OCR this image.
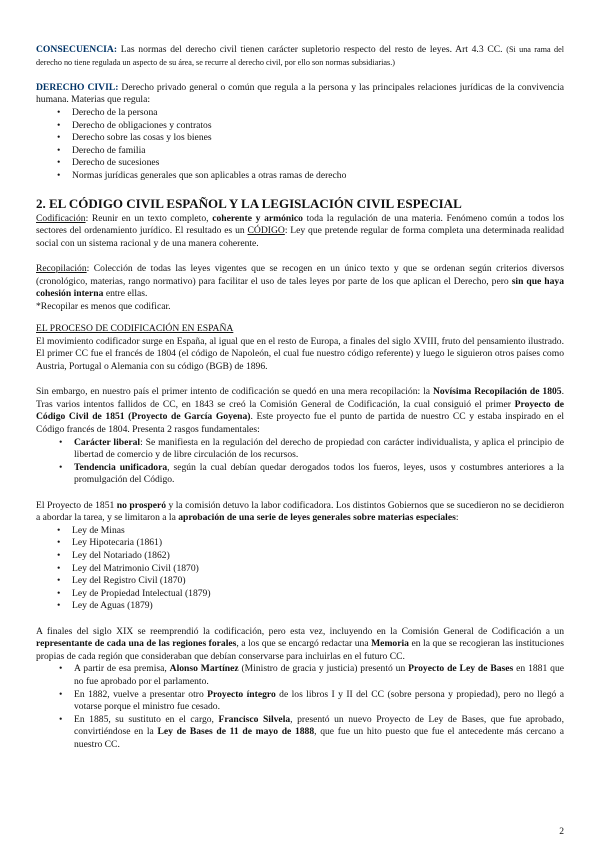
CONSECUENCIA: Las normas del derecho civil tienen carácter supletorio respecto del resto de leyes. Art 4.3 CC. (Si una rama del derecho no tiene regulada un aspecto de su área, se recurre al derecho civil, por ello son normas subsidiarias.)

DERECHO CIVIL: Derecho privado general o común que regula a la persona y las principales relaciones jurídicas de la convivencia humana. Materias que regula:

• Derecho de la persona
• Derecho de obligaciones y contratos
• Derecho sobre las cosas y los bienes
• Derecho de familia
• Derecho de sucesiones
• Normas jurídicas generales que son aplicables a otras ramas de derecho
2. EL CÓDIGO CIVIL ESPAÑOL Y LA LEGISLACIÓN CIVIL ESPECIAL

Codificación: Reunir en un texto completo, coherente y armónico toda la regulación de una materia. Fenómeno común a todos los sectores del ordenamiento jurídico. El resultado es un CÓDIGO: Ley que pretende regular de forma completa una determinada realidad social con un sistema racional y de una manera coherente.

Recopilación: Colección de todas las leyes vigentes que se recogen en un único texto y que se ordenan según criterios diversos (cronológico, materias, rango normativo) para facilitar el uso de tales leyes por parte de los que aplican el Derecho, pero sin que haya cohesión interna entre ellas.

*Recopilar es menos que codificar.

EL PROCESO DE CODIFICACIÓN EN ESPAÑA

El movimiento codificador surge en España, al igual que en el resto de Europa, a finales del siglo XVIII, fruto del pensamiento ilustrado. El primer CC fue el francés de 1804 (el código de Napoleón, el cual fue nuestro código referente) y luego le siguieron otros países como Austria, Portugal o Alemania con su código (BGB) de 1896.

Sin embargo, en nuestro país el primer intento de codificación se quedó en una mera recopilación: la Novísima Recopilación de 1805. Tras varios intentos fallidos de CC, en 1843 se creó la Comisión General de Codificación, la cual consiguió el primer Proyecto de Código Civil de 1851 (Proyecto de García Goyena). Este proyecto fue el punto de partida de nuestro CC y estaba inspirado en el Código francés de 1804. Presenta 2 rasgos fundamentales:

• Carácter liberal: Se manifiesta en la regulación del derecho de propiedad con carácter individualista, y aplica el principio de libertad de comercio y de libre circulación de los recursos.

• Tendencia unificadora, según la cual debían quedar derogados todos los fueros, leyes, usos y costumbres anteriores a la promulgación del Código.

El Proyecto de 1851 no prosperó y la comisión detuvo la labor codificadora. Los distintos Gobiernos que se sucedieron no se decidieron a abordar la tarea, y se limitaron a la aprobación de una serie de leyes generales sobre materias especiales:

• Ley de Minas
• Ley Hipotecaria (1861)
• Ley del Notariado (1862)
• Ley del Matrimonio Civil (1870)
• Ley del Registro Civil (1870)
• Ley de Propiedad Intelectual (1879)
• Ley de Aguas (1879)

A finales del siglo XIX se reemprendió la codificación, pero esta vez, incluyendo en la Comisión General de Codificación a un representante de cada una de las regiones forales, a los que se encargó redactar una Memoria en la que se recogieran las instituciones propias de cada región que consideraban que debían conservarse para incluirlas en el futuro CC.

• A partir de esa premisa, Alonso Martínez (Ministro de gracia y justicia) presentó un Proyecto de Ley de Bases en 1881 que no fue aprobado por el parlamento.

• En 1882, vuelve a presentar otro Proyecto íntegro de los libros I y II del CC (sobre persona y propiedad), pero no llegó a votarse porque el ministro fue cesado.

• En 1885, su sustituto en el cargo, Francisco Silvela, presentó un nuevo Proyecto de Ley de Bases, que fue aprobado, convirtiéndose en la Ley de Bases de 11 de mayo de 1888, que fue un hito puesto que fue el antecedente más cercano a nuestro CC.

2
